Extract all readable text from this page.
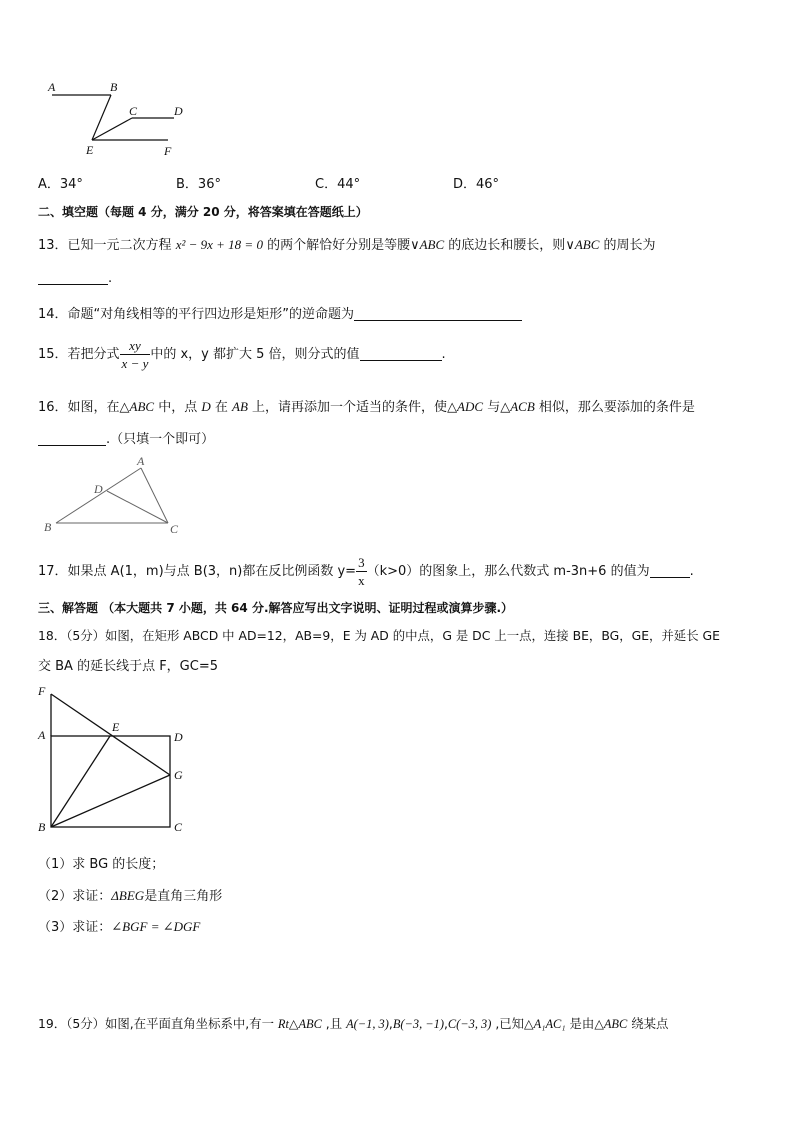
A	B
C	D
E	F
A．34°	B．36°	C．44°	D．46°
二、填空题（每题 4 分，满分 20 分，将答案填在答题纸上）
13．已知一元二次方程 x² − 9x + 18 = 0 的两个解恰好分别是等腰∨ABC 的底边长和腰长，则∨ABC 的周长为
.
14．命题“对角线相等的平行四边形是矩形”的逆命题为
15．若把分式 $\frac{xy}{x - y}$ 中的 x，y 都扩大 5 倍，则分式的值	.
16．如图，在△ABC 中，点 D 在 AB 上，请再添加一个适当的条件，使△ADC 与△ACB 相似，那么要添加的条件是
.（只填一个即可）
A
D
B	C
17．如果点 A(1，m)与点 B(3，n)都在反比例函数 $y= \frac{3}{x} (k>0)$的图象上，那么代数式 m-3n+6 的值为	.
三、解答题 （本大题共 7 小题，共 64 分.解答应写出文字说明、证明过程或演算步骤.）
18．（5分）如图，在矩形 ABCD 中 AD=12，AB=9，E 为 AD 的中点，G 是 DC 上一点，连接 BE，BG，GE，并延长 GE
交 BA 的延长线于点 F，GC=5
F
A
E
D
G
B	C
（1）求 BG 的长度；
（2）求证：ΔBEG是直角三角形
（3）求证：∠BGF = ∠DGF
19．（5分）如图,在平面直角坐标系中,有一 Rt△ABC ,且 A(−1, 3),B(−3, −1),C(−3, 3) ,已知△A₁AC₁ 是由△ABC 绕某点
